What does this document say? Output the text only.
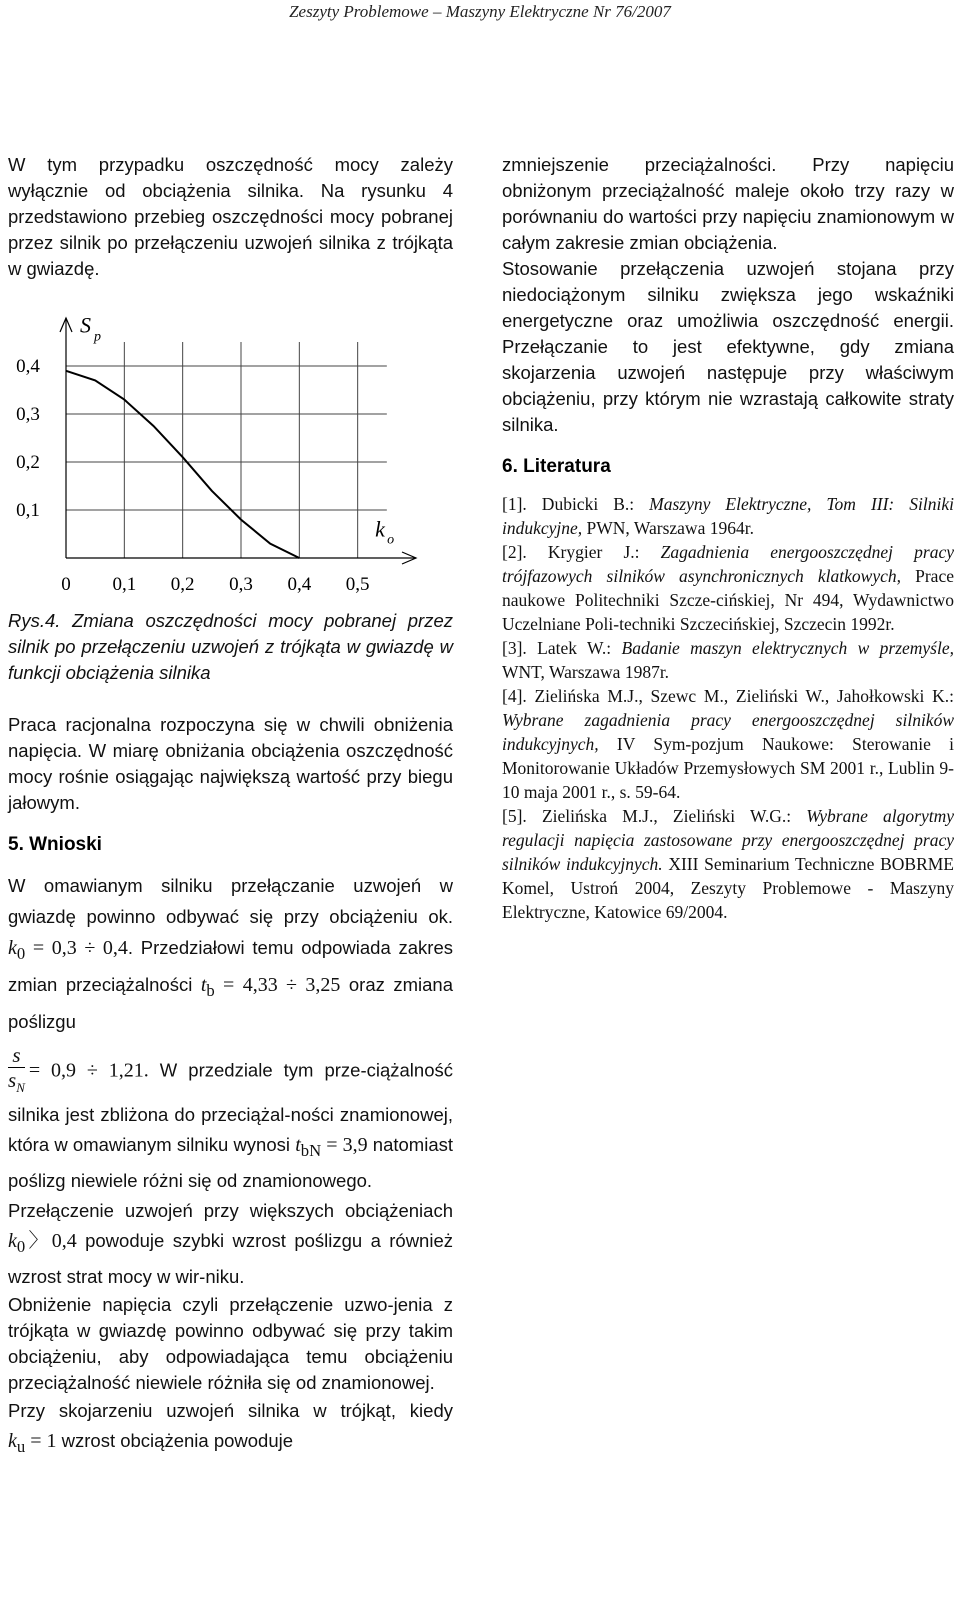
Zeszyty Problemowe – Maszyny Elektryczne Nr 76/2007

W tym przypadku oszczędność mocy zależy wyłącznie od obciążenia silnika. Na rysunku 4 przedstawiono przebieg oszczędności mocy pobranej przez silnik po przełączeniu uzwojeń silnika z trójkąta w gwiazdę.

0 0,1 0,2 0,3 0,4 0,5
0,1
0,2
0,3
0,4
S p
k o

Rys.4. Zmiana oszczędności mocy pobranej przez silnik po przełączeniu uzwojeń z trójkąta w gwiazdę w funkcji obciążenia silnika

Praca racjonalna rozpoczyna się w chwili obniżenia napięcia. W miarę obniżania obciążenia oszczędność mocy rośnie osiągając największą wartość przy biegu jałowym.

5. Wnioski

W omawianym silniku przełączanie uzwojeń w gwiazdę powinno odbywać się przy obciążeniu ok. $k_0 = 0,3 \div 0,4$. Przedziałowi temu odpowiada zakres zmian przeciążalności $t_b = 4,33 \div 3,25$ oraz zmiana poślizgu

$\frac{s}{s_N} = 0,9 \div 1,21$. W przedziale tym prze-ciążalność silnika jest zbliżona do przeciążal-ności znamionowej, która w omawianym silniku wynosi $t_{bN} = 3,9$ natomiast poślizg niewiele różni się od znamionowego.

Przełączenie uzwojeń przy większych obciążeniach $k_0$〉0,4 powoduje szybki wzrost poślizgu a również wzrost strat mocy w wir-niku.

Obniżenie napięcia czyli przełączenie uzwo-jenia z trójkąta w gwiazdę powinno odbywać się przy takim obciążeniu, aby odpowiadająca temu obciążeniu przeciążalność niewiele różniła się od znamionowej.

Przy skojarzeniu uzwojeń silnika w trójkąt, kiedy $k_u = 1$ wzrost obciążenia powoduje

zmniejszenie przeciążalności. Przy napięciu obniżonym przeciążalność maleje około trzy razy w porównaniu do wartości przy napięciu znamionowym w całym zakresie zmian obciążenia.

Stosowanie przełączenia uzwojeń stojana przy niedociążonym silniku zwiększa jego wskaźniki energetyczne oraz umożliwia oszczędność energii. Przełączanie to jest efektywne, gdy zmiana skojarzenia uzwojeń następuje przy właściwym obciążeniu, przy którym nie wzrastają całkowite straty silnika.

6. Literatura

[1]. Dubicki B.: Maszyny Elektryczne, Tom III: Silniki indukcyjne, PWN, Warszawa 1964r.

[2]. Krygier J.: Zagadnienia energooszczędnej pracy trójfazowych silników asynchronicznych klatkowych, Prace naukowe Politechniki Szcze-cińskiej, Nr 494, Wydawnictwo Uczelniane Poli-techniki Szczecińskiej, Szczecin 1992r.

[3]. Latek W.: Badanie maszyn elektrycznych w przemyśle, WNT, Warszawa 1987r.

[4]. Zielińska M.J., Szewc M., Zieliński W., Jahołkowski K.: Wybrane zagadnienia pracy energooszczędnej silników indukcyjnych, IV Sym-pozjum Naukowe: Sterowanie i Monitorowanie Układów Przemysłowych SM 2001 r., Lublin 9-10 maja 2001 r., s. 59-64.

[5]. Zielińska M.J., Zieliński W.G.: Wybrane algorytmy regulacji napięcia zastosowane przy energooszczędnej pracy silników indukcyjnych. XIII Seminarium Techniczne BOBRME Komel, Ustroń 2004, Zeszyty Problemowe - Maszyny Elektryczne, Katowice 69/2004.
